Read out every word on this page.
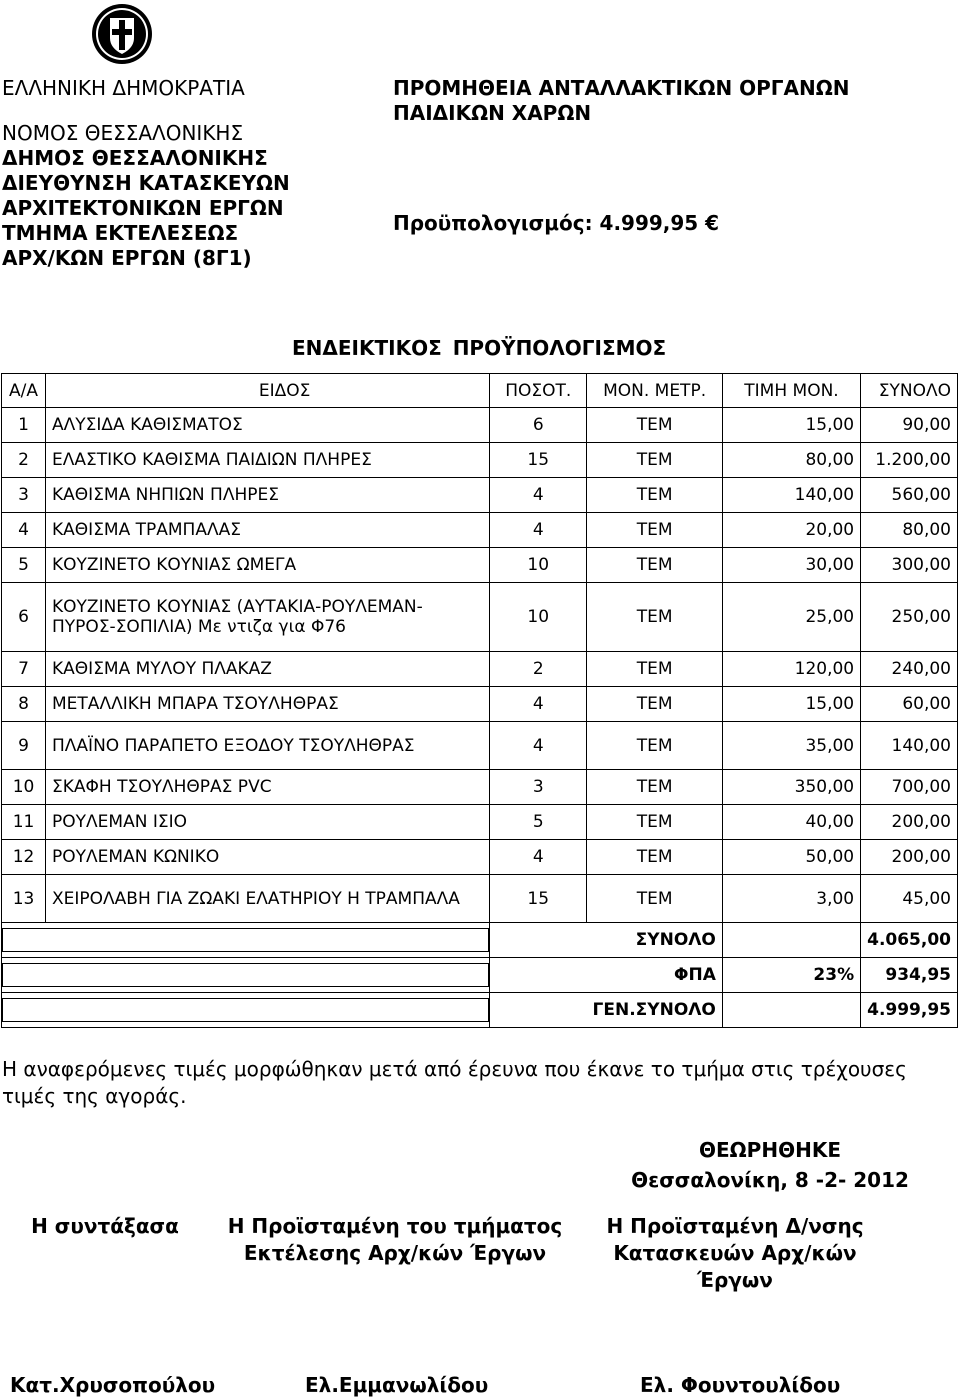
ΕΛΛΗΝΙΚΗ ΔΗΜΟΚΡΑΤΙΑ
ΝΟΜΟΣ ΘΕΣΣΑΛΟΝΙΚΗΣ
ΔΗΜΟΣ ΘΕΣΣΑΛΟΝΙΚΗΣ
ΔΙΕΥΘΥΝΣΗ ΚΑΤΑΣΚΕΥΩΝ
ΑΡΧΙΤΕΚΤΟΝΙΚΩΝ ΕΡΓΩΝ
ΤΜΗΜΑ ΕΚΤΕΛΕΣΕΩΣ
ΑΡΧ/ΚΩΝ ΕΡΓΩΝ (8Γ1)
ΠΡΟΜΗΘΕΙΑ ΑΝΤΑΛΛΑΚΤΙΚΩΝ ΟΡΓΑΝΩΝ
ΠΑΙΔΙΚΩΝ ΧΑΡΩΝ
Προϋπολογισμός: 4.999,95 €
ΕΝΔΕΙΚΤΙΚΟΣ ΠΡΟΫΠΟΛΟΓΙΣΜΟΣ
Α/Α	ΕΙΔΟΣ	ΠΟΣΟΤ.	ΜΟΝ. ΜΕΤΡ.	ΤΙΜΗ ΜΟΝ.	ΣΥΝΟΛΟ
1	ΑΛΥΣΙΔΑ ΚΑΘΙΣΜΑΤΟΣ	6	ΤΕΜ	15,00	90,00
2	ΕΛΑΣΤΙΚΟ ΚΑΘΙΣΜΑ ΠΑΙΔΙΩΝ ΠΛΗΡΕΣ	15	ΤΕΜ	80,00	1.200,00
3	ΚΑΘΙΣΜΑ ΝΗΠΙΩΝ ΠΛΗΡΕΣ	4	ΤΕΜ	140,00	560,00
4	ΚΑΘΙΣΜΑ ΤΡΑΜΠΑΛΑΣ	4	ΤΕΜ	20,00	80,00
5	ΚΟΥΖΙΝΕΤΟ ΚΟΥΝΙΑΣ ΩΜΕΓΑ	10	ΤΕΜ	30,00	300,00
6	ΚΟΥΖΙΝΕΤΟ ΚΟΥΝΙΑΣ (ΑΥΤΑΚΙΑ-ΡΟΥΛΕΜΑΝ-ΠΥΡΟΣ-ΣΟΠΙΛΙΑ) Με ντιζα για Φ76	10	ΤΕΜ	25,00	250,00
7	ΚΑΘΙΣΜΑ ΜΥΛΟΥ ΠΛΑΚΑΖ	2	ΤΕΜ	120,00	240,00
8	ΜΕΤΑΛΛΙΚΗ ΜΠΑΡΑ ΤΣΟΥΛΗΘΡΑΣ	4	ΤΕΜ	15,00	60,00
9	ΠΛΑΪΝΟ ΠΑΡΑΠΕΤΟ ΕΞΟΔΟΥ ΤΣΟΥΛΗΘΡΑΣ	4	ΤΕΜ	35,00	140,00
10	ΣΚΑΦΗ ΤΣΟΥΛΗΘΡΑΣ PVC	3	ΤΕΜ	350,00	700,00
11	ΡΟΥΛΕΜΑΝ ΙΣΙΟ	5	ΤΕΜ	40,00	200,00
12	ΡΟΥΛΕΜΑΝ ΚΩΝΙΚΟ	4	ΤΕΜ	50,00	200,00
13	ΧΕΙΡΟΛΑΒΗ ΓΙΑ ΖΩΑΚΙ ΕΛΑΤΗΡΙΟΥ Η ΤΡΑΜΠΑΛΑ	15	ΤΕΜ	3,00	45,00

		ΣΥΝΟΛΟ			4.065,00

		ΦΠΑ		23%	934,95

		ΓΕΝ.ΣΥΝΟΛΟ			4.999,95
Η αναφερόμενες τιμές μορφώθηκαν μετά από έρευνα που έκανε το τμήμα στις τρέχουσες τιμές της αγοράς.
ΘΕΩΡΗΘΗΚΕ
Θεσσαλονίκη, 8 -2- 2012
Η συντάξασα	Η Προϊσταμένη του τμήματος
Εκτέλεσης Αρχ/κών Έργων
Η Προϊσταμένη Δ/νσης
Κατασκευών Αρχ/κών
Έργων
Κατ.Χρυσοπούλου	Ελ.Εμμανωλίδου	Ελ. Φουντουλίδου
